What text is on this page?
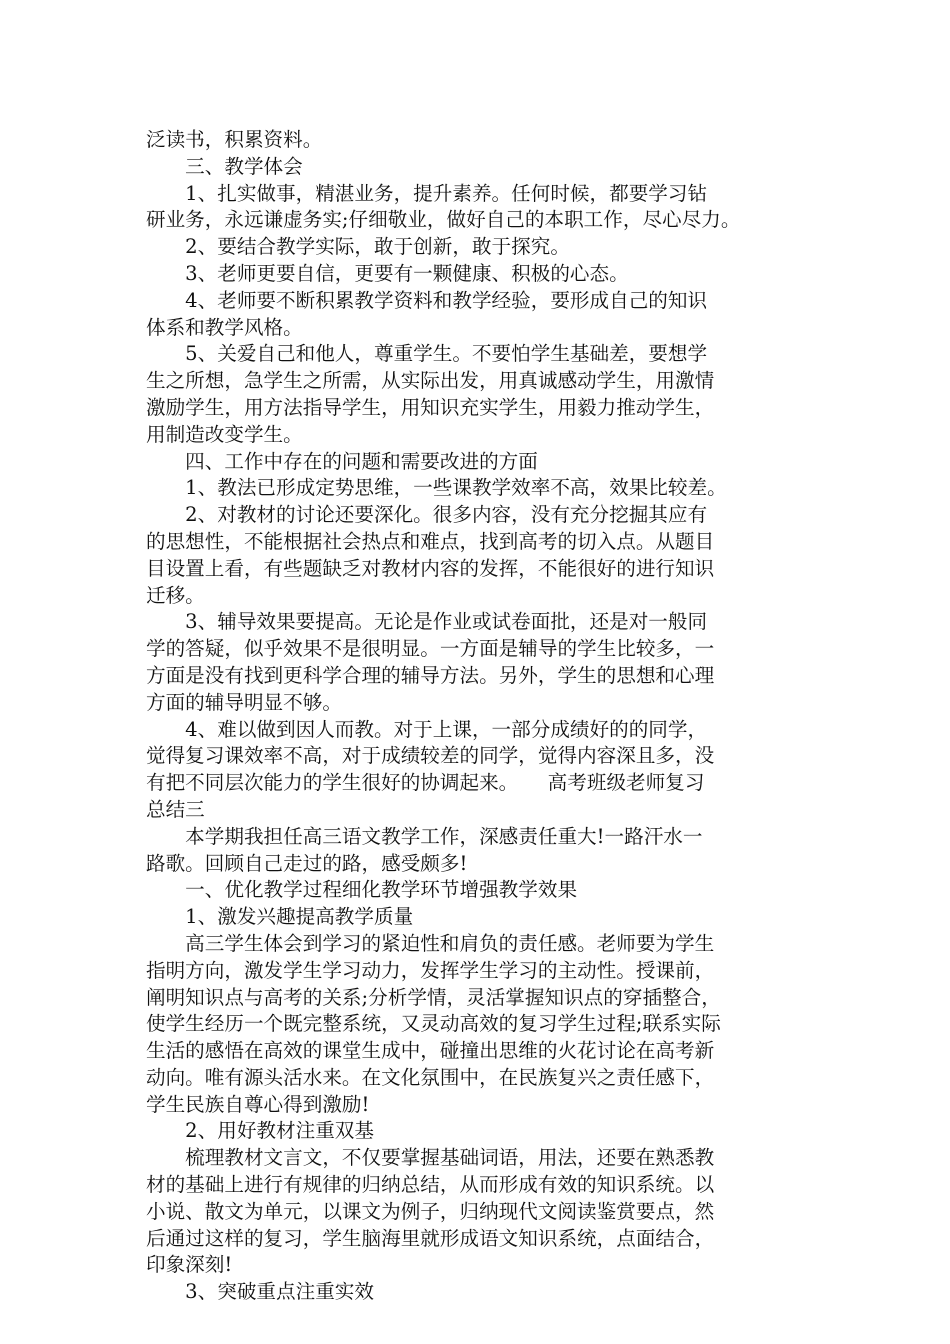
泛读书，积累资料。

　　三、教学体会

　　1、扎实做事，精湛业务，提升素养。任何时候，都要学习钻

研业务，永远谦虚务实;仔细敬业，做好自己的本职工作，尽心尽力。

　　2、要结合教学实际，敢于创新，敢于探究。

　　3、老师更要自信，更要有一颗健康、积极的心态。

　　4、老师要不断积累教学资料和教学经验，要形成自己的知识

体系和教学风格。

　　5、关爱自己和他人，尊重学生。不要怕学生基础差，要想学

生之所想，急学生之所需，从实际出发，用真诚感动学生，用激情

激励学生，用方法指导学生，用知识充实学生，用毅力推动学生，

用制造改变学生。

　　四、工作中存在的问题和需要改进的方面

　　1、教法已形成定势思维，一些课教学效率不高，效果比较差。

　　2、对教材的讨论还要深化。很多内容，没有充分挖掘其应有

的思想性，不能根据社会热点和难点，找到高考的切入点。从题目

目设置上看，有些题缺乏对教材内容的发挥，不能很好的进行知识

迁移。

　　3、辅导效果要提高。无论是作业或试卷面批，还是对一般同

学的答疑，似乎效果不是很明显。一方面是辅导的学生比较多，一

方面是没有找到更科学合理的辅导方法。另外，学生的思想和心理

方面的辅导明显不够。

　　4、难以做到因人而教。对于上课，一部分成绩好的的同学，

觉得复习课效率不高，对于成绩较差的同学，觉得内容深且多，没

有把不同层次能力的学生很好的协调起来。　　高考班级老师复习

总结三

　　本学期我担任高三语文教学工作，深感责任重大!一路汗水一

路歌。回顾自己走过的路，感受颇多!

　　一、优化教学过程细化教学环节增强教学效果

　　1、激发兴趣提高教学质量

　　高三学生体会到学习的紧迫性和肩负的责任感。老师要为学生

指明方向，激发学生学习动力，发挥学生学习的主动性。授课前，

阐明知识点与高考的关系;分析学情，灵活掌握知识点的穿插整合，

使学生经历一个既完整系统，又灵动高效的复习学生过程;联系实际

生活的感悟在高效的课堂生成中，碰撞出思维的火花讨论在高考新

动向。唯有源头活水来。在文化氛围中，在民族复兴之责任感下，

学生民族自尊心得到激励!

　　2、用好教材注重双基

　　梳理教材文言文，不仅要掌握基础词语，用法，还要在熟悉教

材的基础上进行有规律的归纳总结，从而形成有效的知识系统。以

小说、散文为单元，以课文为例子，归纳现代文阅读鉴赏要点，然

后通过这样的复习，学生脑海里就形成语文知识系统，点面结合，

印象深刻!

　　3、突破重点注重实效
